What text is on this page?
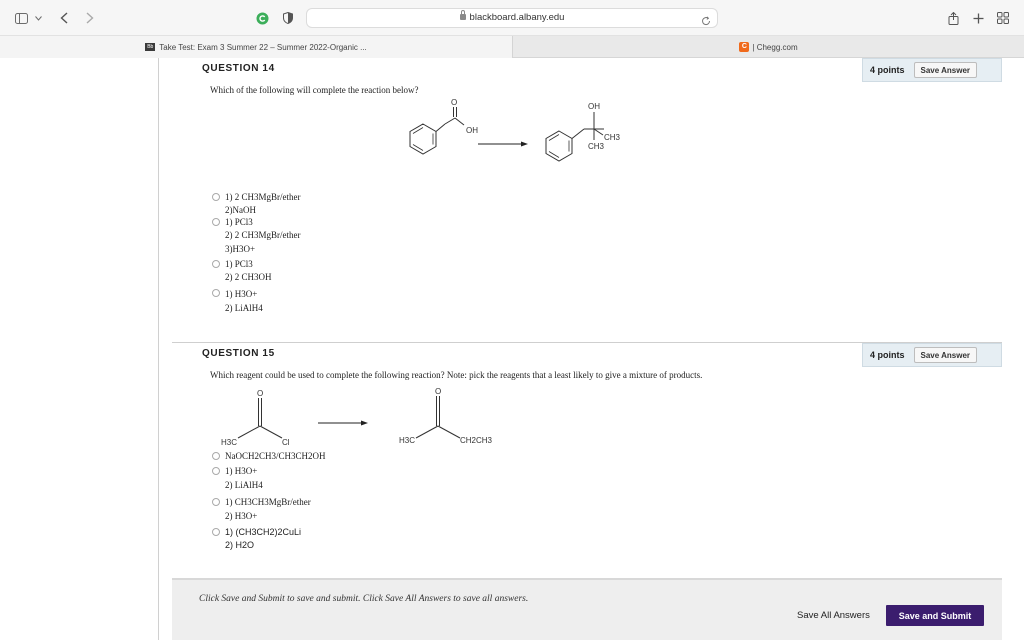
blackboard.albany.edu
Bb Take Test: Exam 3 Summer 22 – Summer 2022-Organic ...	C | Chegg.com
QUESTION 14	4 points	Save Answer
Which of the following will complete the reaction below?
O
OH
OH
CH3
CH3
1) 2 CH3MgBr/ether
2)NaOH
1) PCl3
2) 2 CH3MgBr/ether
3)H3O+
1) PCl3
2) 2 CH3OH
1) H3O+
2) LiAlH4
QUESTION 15	4 points	Save Answer
Which reagent could be used to complete the following reaction? Note: pick the reagents that a least likely to give a mixture of products.
O
H3C	Cl
O
H3C	CH2CH3
NaOCH2CH3/CH3CH2OH
1) H3O+
2) LiAlH4
1) CH3CH3MgBr/ether
2) H3O+
1) (CH3CH2)2CuLi
2) H2O
Click Save and Submit to save and submit. Click Save All Answers to save all answers.
Save All Answers	Save and Submit
